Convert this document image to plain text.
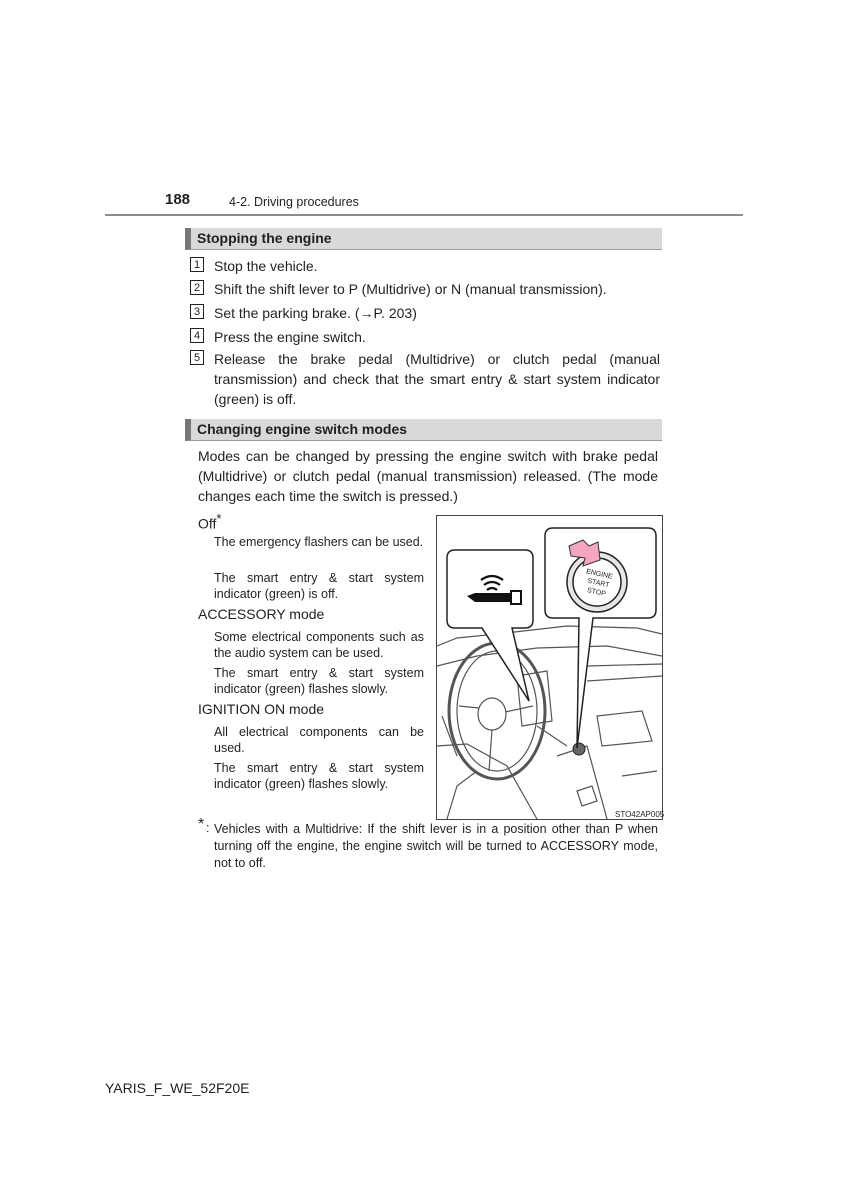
188	4-2. Driving procedures
Stopping the engine
1 Stop the vehicle.
2 Shift the shift lever to P (Multidrive) or N (manual transmission).
3 Set the parking brake. (→P. 203)
4 Press the engine switch.
5 Release the brake pedal (Multidrive) or clutch pedal (manual transmission) and check that the smart entry & start system indicator (green) is off.
Changing engine switch modes
Modes can be changed by pressing the engine switch with brake pedal (Multidrive) or clutch pedal (manual transmission) released. (The mode changes each time the switch is pressed.)
Off*
The emergency flashers can be used.
The smart entry & start system indicator (green) is off.
ACCESSORY mode
Some electrical components such as the audio system can be used.
The smart entry & start system indicator (green) flashes slowly.
IGNITION ON mode
All electrical components can be used.
The smart entry & start system indicator (green) flashes slowly.
ENGINE
START
STOP
STO42AP005
* : Vehicles with a Multidrive: If the shift lever is in a position other than P when turning off the engine, the engine switch will be turned to ACCESSORY mode, not to off.
YARIS_F_WE_52F20E
